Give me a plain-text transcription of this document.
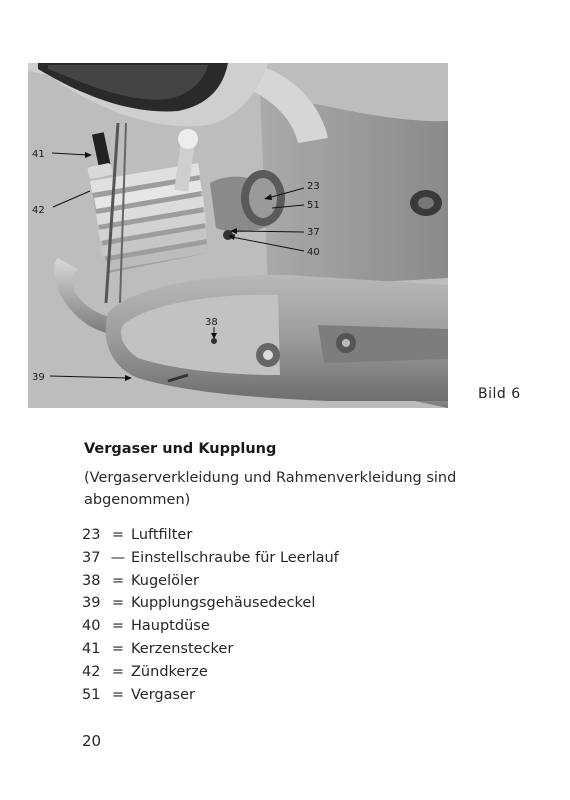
41
42
23
51
37
40
38
39
Bild 6
Vergaser und Kupplung
(Vergaserverkleidung und Rahmenverkleidung sind abgenommen)
23 = Luftfilter
37 — Einstellschraube für Leerlauf
38 = Kugelöler
39 = Kupplungsgehäusedeckel
40 = Hauptdüse
41 = Kerzenstecker
42 = Zündkerze
51 = Vergaser
20
